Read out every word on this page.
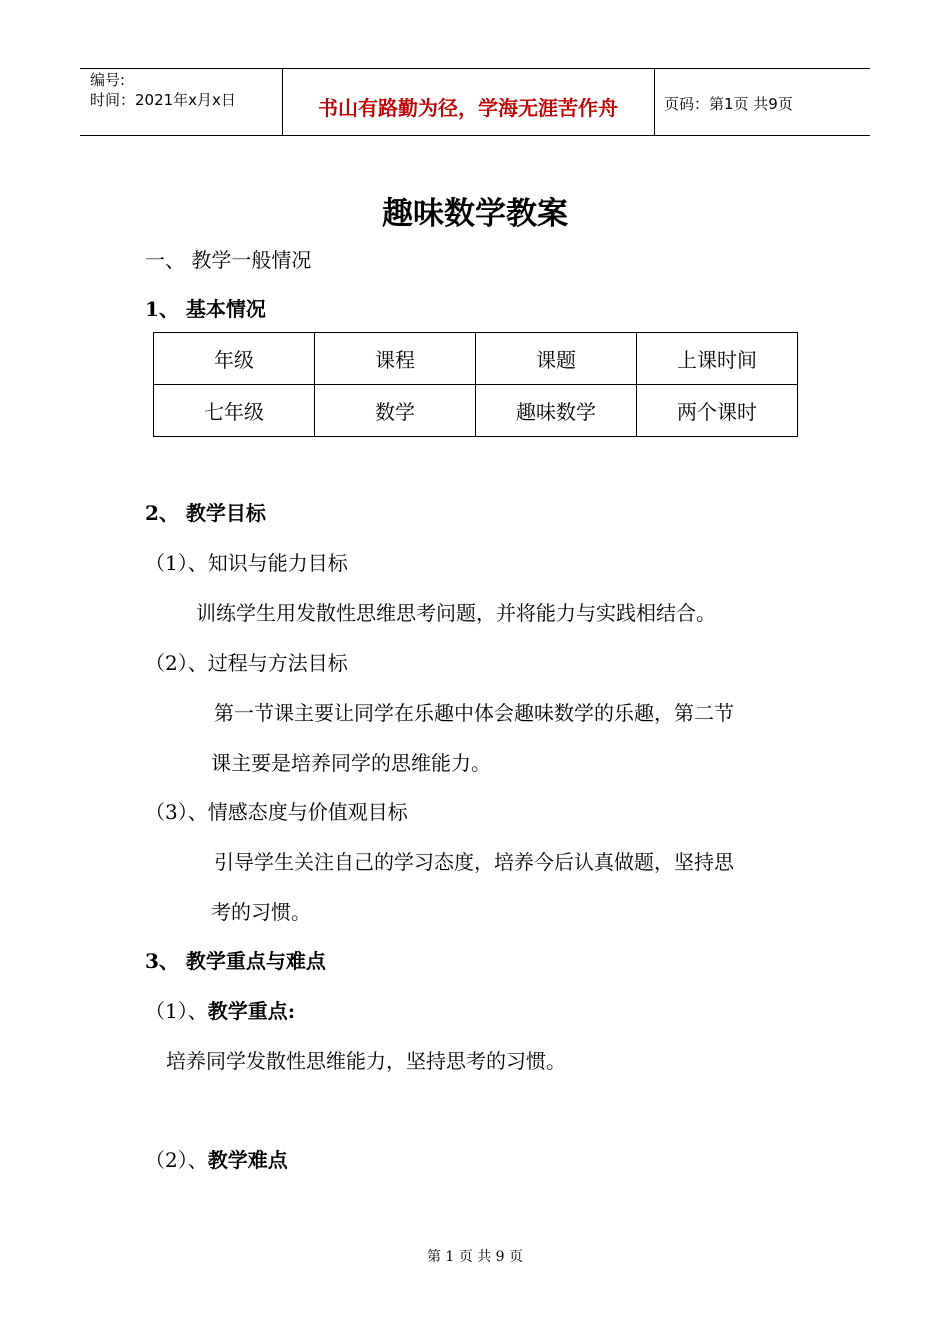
编号:
时间：2021年x月x日	书山有路勤为径，学海无涯苦作舟	页码：第1页 共9页
趣味数学教案
一、 教学一般情况
1、 基本情况
年级	课程	课题	上课时间
七年级	数学	趣味数学	两个课时
2、 教学目标
（1）、知识与能力目标
训练学生用发散性思维思考问题，并将能力与实践相结合。
（2）、过程与方法目标
第一节课主要让同学在乐趣中体会趣味数学的乐趣，第二节
课主要是培养同学的思维能力。
（3）、情感态度与价值观目标
引导学生关注自己的学习态度，培养今后认真做题，坚持思
考的习惯。
3、 教学重点与难点
（1）、教学重点:
培养同学发散性思维能力，坚持思考的习惯。
（2）、教学难点
第 1 页 共 9 页
